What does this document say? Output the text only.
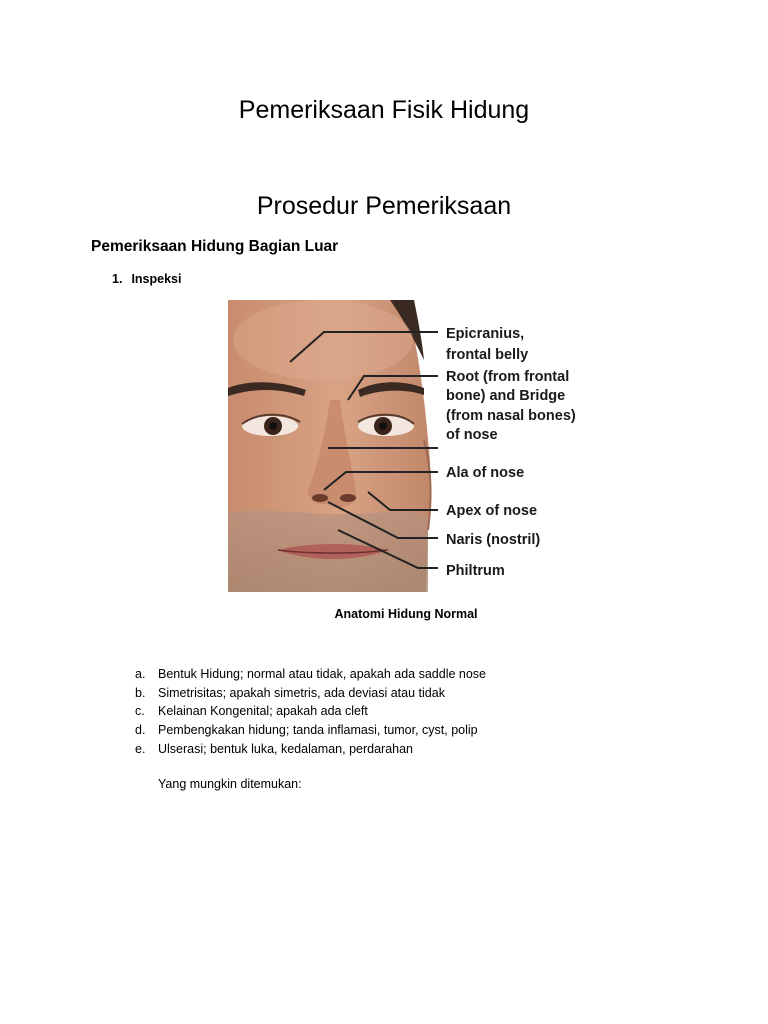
Pemeriksaan Fisik Hidung
Prosedur Pemeriksaan
Pemeriksaan Hidung Bagian Luar
1. Inspeksi
Epicranius,
frontal belly
Root (from frontal
bone) and Bridge
(from nasal bones)
of nose
Ala of nose
Apex of nose
Naris (nostril)
Philtrum
Anatomi Hidung Normal
a.	Bentuk Hidung; normal atau tidak, apakah ada saddle nose
b.	Simetrisitas; apakah simetris, ada deviasi atau tidak
c.	Kelainan Kongenital; apakah ada cleft
d.	Pembengkakan hidung; tanda inflamasi, tumor, cyst, polip
e.	Ulserasi; bentuk luka, kedalaman, perdarahan
Yang mungkin ditemukan:
